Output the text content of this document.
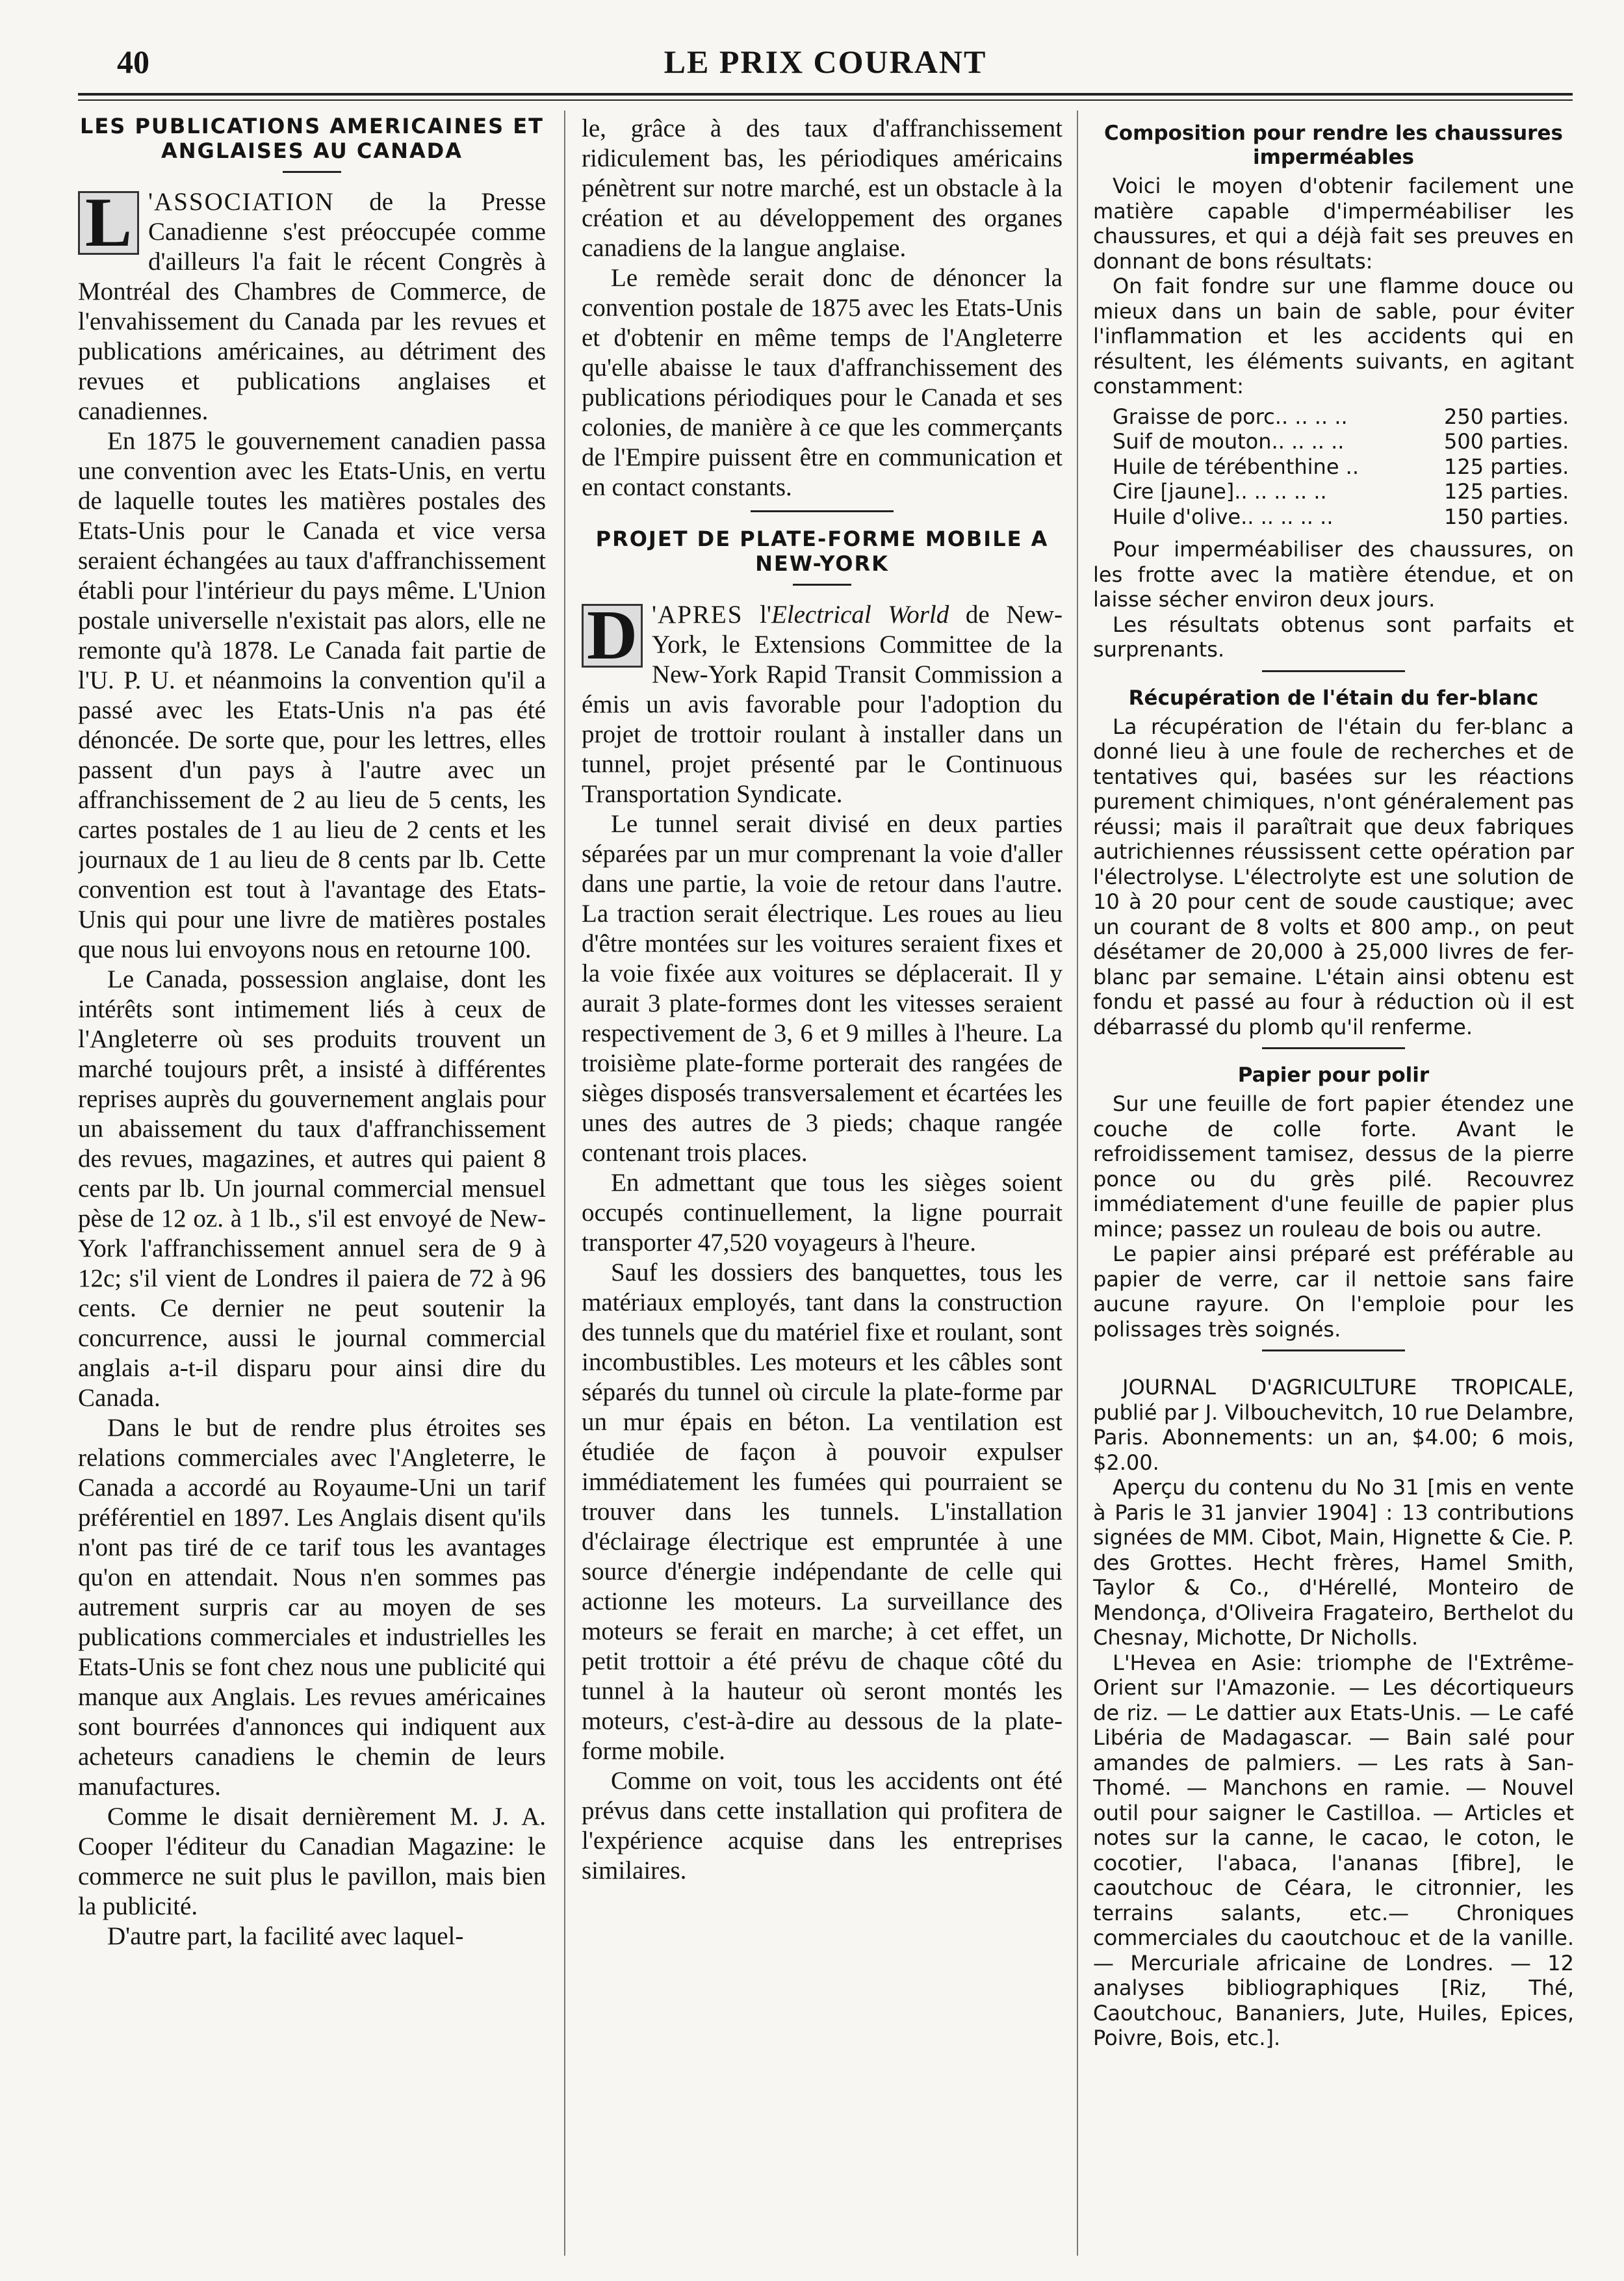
40	LE PRIX COURANT
LES PUBLICATIONS AMERICAINES ET ANGLAISES AU CANADA

L 'ASSOCIATION de la Presse Canadienne s'est préoccupée comme d'ailleurs l'a fait le récent Congrès à Montréal des Chambres de Commerce, de l'envahissement du Canada par les revues et publications américaines, au détriment des revues et publications anglaises et canadiennes.

En 1875 le gouvernement canadien passa une convention avec les Etats-Unis, en vertu de laquelle toutes les matières postales des Etats-Unis pour le Canada et vice versa seraient échangées au taux d'affranchissement établi pour l'intérieur du pays même. L'Union postale universelle n'existait pas alors, elle ne remonte qu'à 1878. Le Canada fait partie de l'U. P. U. et néanmoins la convention qu'il a passé avec les Etats-Unis n'a pas été dénoncée. De sorte que, pour les lettres, elles passent d'un pays à l'autre avec un affranchissement de 2 au lieu de 5 cents, les cartes postales de 1 au lieu de 2 cents et les journaux de 1 au lieu de 8 cents par lb. Cette convention est tout à l'avantage des Etats-Unis qui pour une livre de matières postales que nous lui envoyons nous en retourne 100.

Le Canada, possession anglaise, dont les intérêts sont intimement liés à ceux de l'Angleterre où ses produits trouvent un marché toujours prêt, a insisté à différentes reprises auprès du gouvernement anglais pour un abaissement du taux d'affranchissement des revues, magazines, et autres qui paient 8 cents par lb. Un journal commercial mensuel pèse de 12 oz. à 1 lb., s'il est envoyé de New-York l'affranchissement annuel sera de 9 à 12c; s'il vient de Londres il paiera de 72 à 96 cents. Ce dernier ne peut soutenir la concurrence, aussi le journal commercial anglais a-t-il disparu pour ainsi dire du Canada.

Dans le but de rendre plus étroites ses relations commerciales avec l'Angleterre, le Canada a accordé au Royaume-Uni un tarif préférentiel en 1897. Les Anglais disent qu'ils n'ont pas tiré de ce tarif tous les avantages qu'on en attendait. Nous n'en sommes pas autrement surpris car au moyen de ses publications commerciales et industrielles les Etats-Unis se font chez nous une publicité qui manque aux Anglais. Les revues américaines sont bourrées d'annonces qui indiquent aux acheteurs canadiens le chemin de leurs manufactures.

Comme le disait dernièrement M. J. A. Cooper l'éditeur du Canadian Magazine: le commerce ne suit plus le pavillon, mais bien la publicité.

D'autre part, la facilité avec laquel-

le, grâce à des taux d'affranchissement ridiculement bas, les périodiques américains pénètrent sur notre marché, est un obstacle à la création et au développement des organes canadiens de la langue anglaise.

Le remède serait donc de dénoncer la convention postale de 1875 avec les Etats-Unis et d'obtenir en même temps de l'Angleterre qu'elle abaisse le taux d'affranchissement des publications périodiques pour le Canada et ses colonies, de manière à ce que les commerçants de l'Empire puissent être en communication et en contact constants.

PROJET DE PLATE-FORME MOBILE A NEW-YORK

D 'APRES l'Electrical World de New-York, le Extensions Committee de la New-York Rapid Transit Commission a émis un avis favorable pour l'adoption du projet de trottoir roulant à installer dans un tunnel, projet présenté par le Continuous Transportation Syndicate.

Le tunnel serait divisé en deux parties séparées par un mur comprenant la voie d'aller dans une partie, la voie de retour dans l'autre. La traction serait électrique. Les roues au lieu d'être montées sur les voitures seraient fixes et la voie fixée aux voitures se déplacerait. Il y aurait 3 plate-formes dont les vitesses seraient respectivement de 3, 6 et 9 milles à l'heure. La troisième plate-forme porterait des rangées de sièges disposés transversalement et écartées les unes des autres de 3 pieds; chaque rangée contenant trois places.

En admettant que tous les sièges soient occupés continuellement, la ligne pourrait transporter 47,520 voyageurs à l'heure.

Sauf les dossiers des banquettes, tous les matériaux employés, tant dans la construction des tunnels que du matériel fixe et roulant, sont incombustibles. Les moteurs et les câbles sont séparés du tunnel où circule la plate-forme par un mur épais en béton. La ventilation est étudiée de façon à pouvoir expulser immédiatement les fumées qui pourraient se trouver dans les tunnels. L'installation d'éclairage électrique est empruntée à une source d'énergie indépendante de celle qui actionne les moteurs. La surveillance des moteurs se ferait en marche; à cet effet, un petit trottoir a été prévu de chaque côté du tunnel à la hauteur où seront montés les moteurs, c'est-à-dire au dessous de la plate-forme mobile.

Comme on voit, tous les accidents ont été prévus dans cette installation qui profitera de l'expérience acquise dans les entreprises similaires.

Composition pour rendre les chaussures imperméables

Voici le moyen d'obtenir facilement une matière capable d'imperméabiliser les chaussures, et qui a déjà fait ses preuves en donnant de bons résultats:

On fait fondre sur une flamme douce ou mieux dans un bain de sable, pour éviter l'inflammation et les accidents qui en résultent, les éléments suivants, en agitant constamment:

Graisse de porc.. .. .. ..	250 parties.
Suif de mouton.. .. .. ..	500 parties.
Huile de térébenthine ..	125 parties.
Cire [jaune].. .. .. .. ..	125 parties.
Huile d'olive.. .. .. .. ..	150 parties.

Pour imperméabiliser des chaussures, on les frotte avec la matière étendue, et on laisse sécher environ deux jours.

Les résultats obtenus sont parfaits et surprenants.

Récupération de l'étain du fer-blanc

La récupération de l'étain du fer-blanc a donné lieu à une foule de recherches et de tentatives qui, basées sur les réactions purement chimiques, n'ont généralement pas réussi; mais il paraîtrait que deux fabriques autrichiennes réussissent cette opération par l'électrolyse. L'électrolyte est une solution de 10 à 20 pour cent de soude caustique; avec un courant de 8 volts et 800 amp., on peut désétamer de 20,000 à 25,000 livres de fer-blanc par semaine. L'étain ainsi obtenu est fondu et passé au four à réduction où il est débarrassé du plomb qu'il renferme.

Papier pour polir

Sur une feuille de fort papier étendez une couche de colle forte. Avant le refroidissement tamisez, dessus de la pierre ponce ou du grès pilé. Recouvrez immédiatement d'une feuille de papier plus mince; passez un rouleau de bois ou autre.

Le papier ainsi préparé est préférable au papier de verre, car il nettoie sans faire aucune rayure. On l'emploie pour les polissages très soignés.

JOURNAL D'AGRICULTURE TROPICALE, publié par J. Vilbouchevitch, 10 rue Delambre, Paris. Abonnements: un an, $4.00; 6 mois, $2.00.

Aperçu du contenu du No 31 [mis en vente à Paris le 31 janvier 1904] : 13 contributions signées de MM. Cibot, Main, Hignette & Cie. P. des Grottes. Hecht frères, Hamel Smith, Taylor & Co., d'Hérellé, Monteiro de Mendonça, d'Oliveira Fragateiro, Berthelot du Chesnay, Michotte, Dr Nicholls.

L'Hevea en Asie: triomphe de l'Extrême-Orient sur l'Amazonie. — Les décortiqueurs de riz. — Le dattier aux Etats-Unis. — Le café Libéria de Madagascar. — Bain salé pour amandes de palmiers. — Les rats à San-Thomé. — Manchons en ramie. — Nouvel outil pour saigner le Castilloa. — Articles et notes sur la canne, le cacao, le coton, le cocotier, l'abaca, l'ananas [fibre], le caoutchouc de Céara, le citronnier, les terrains salants, etc.— Chroniques commerciales du caoutchouc et de la vanille. — Mercuriale africaine de Londres. — 12 analyses bibliographiques [Riz, Thé, Caoutchouc, Bananiers, Jute, Huiles, Epices, Poivre, Bois, etc.].
